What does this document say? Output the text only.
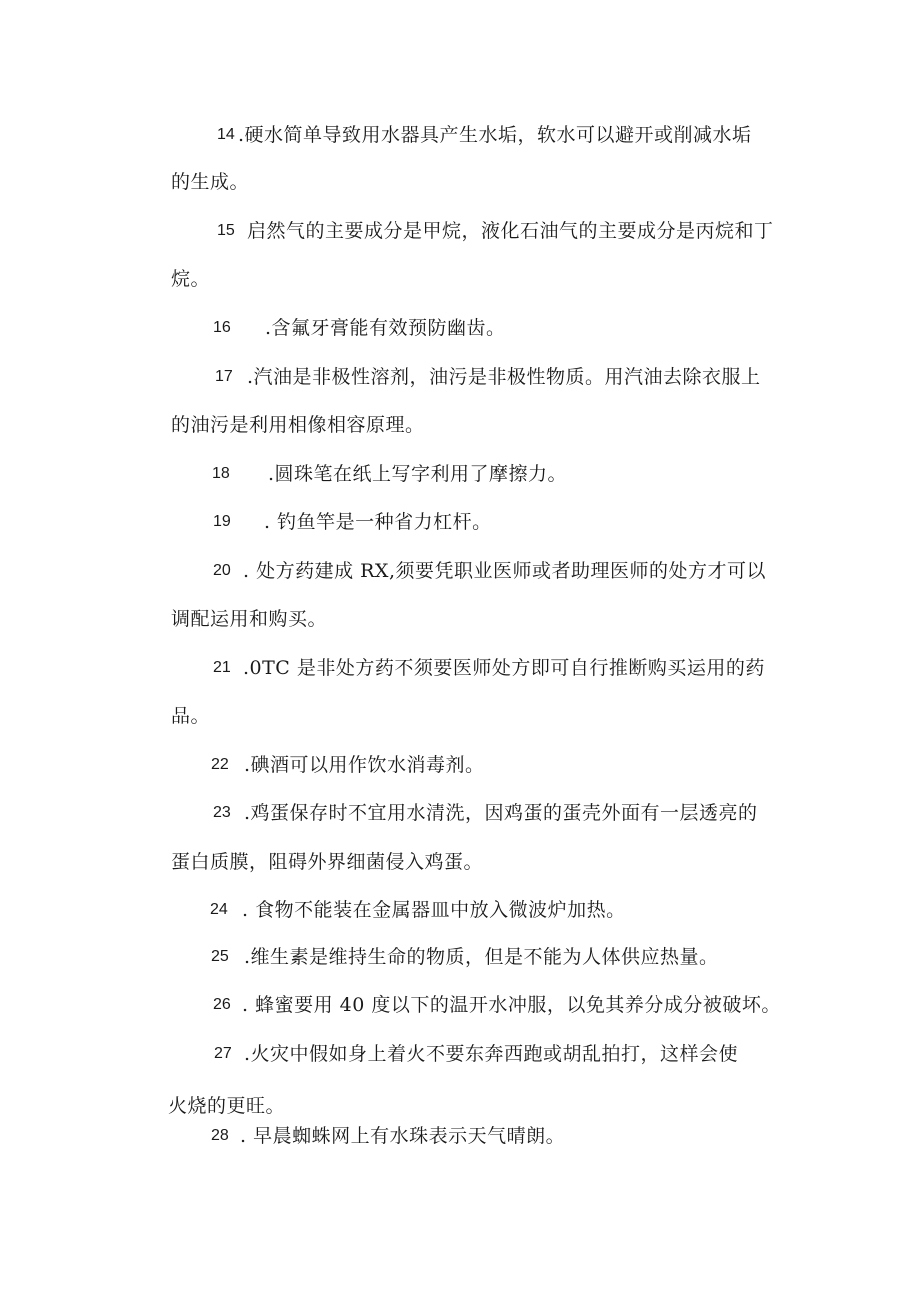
14 .硬水简单导致用水器具产生水垢，软水可以避开或削减水垢
的生成。
15 启然气的主要成分是甲烷，液化石油气的主要成分是丙烷和丁
烷。
16 .含氟牙膏能有效预防幽齿。
17 .汽油是非极性溶剂，油污是非极性物质。用汽油去除衣服上
的油污是利用相像相容原理。
18 .圆珠笔在纸上写字利用了摩擦力。
19 . 钓鱼竿是一种省力杠杆。
20 . 处方药建成 RX,须要凭职业医师或者助理医师的处方才可以
调配运用和购买。
21 .0TC 是非处方药不须要医师处方即可自行推断购买运用的药
品。
22 .碘酒可以用作饮水消毒剂。
23 .鸡蛋保存时不宜用水清洗，因鸡蛋的蛋壳外面有一层透亮的
蛋白质膜，阻碍外界细菌侵入鸡蛋。
24 . 食物不能装在金属器皿中放入微波炉加热。
25 .维生素是维持生命的物质，但是不能为人体供应热量。
26 . 蜂蜜要用 40 度以下的温开水冲服，以免其养分成分被破坏。
27 .火灾中假如身上着火不要东奔西跑或胡乱拍打，这样会使
火烧的更旺。
28 . 早晨蜘蛛网上有水珠表示天气晴朗。
